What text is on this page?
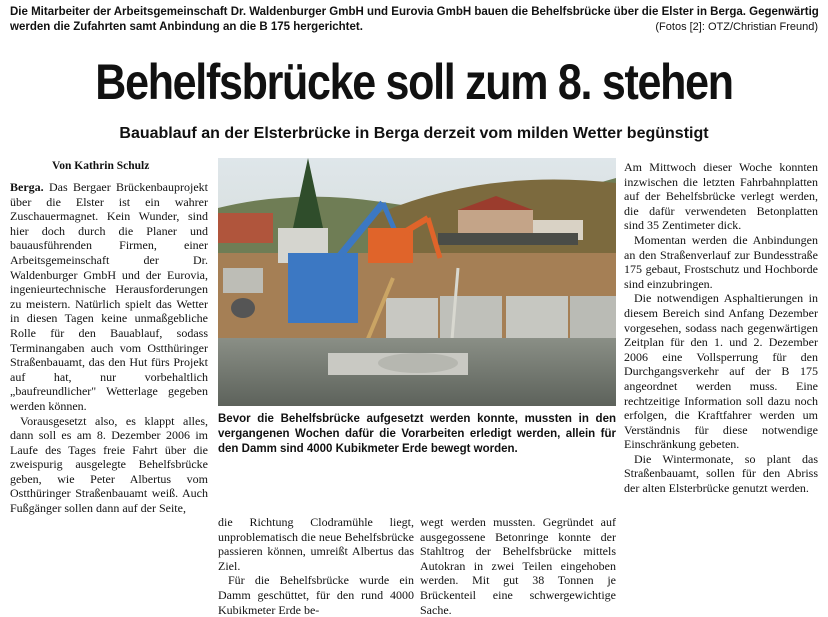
Die Mitarbeiter der Arbeitsgemeinschaft Dr. Waldenburger GmbH und Eurovia GmbH bauen die Behelfsbrücke über die Elster in Berga. Gegenwärtig werden die Zufahrten samt Anbindung an die B 175 hergerichtet.	(Fotos [2]: OTZ/Christian Freund)
Behelfsbrücke soll zum 8. stehen
Bauablauf an der Elsterbrücke in Berga derzeit vom milden Wetter begünstigt
Von Kathrin Schulz

Berga. Das Bergaer Brückenbauprojekt über die Elster ist ein wahrer Zuschauermagnet. Kein Wunder, sind hier doch durch die Planer und bauausführenden Firmen, einer Arbeitsgemeinschaft der Dr. Waldenburger GmbH und der Eurovia, ingenieurtechnische Herausforderungen zu meistern. Natürlich spielt das Wetter in diesen Tagen keine unmaßgebliche Rolle für den Bauablauf, sodass Terminangaben auch vom Ostthüringer Straßenbauamt, das den Hut fürs Projekt auf hat, nur vorbehaltlich „baufreundlicher" Wetterlage gegeben werden können.

Vorausgesetzt also, es klappt alles, dann soll es am 8. Dezember 2006 im Laufe des Tages freie Fahrt über die zweispurig ausgelegte Behelfsbrücke geben, wie Peter Albertus vom Ostthüringer Straßenbauamt weiß. Auch Fußgänger sollen dann auf der Seite,

Bevor die Behelfsbrücke aufgesetzt werden konnte, mussten in den vergangenen Wochen dafür die Vorarbeiten erledigt werden, allein für den Damm sind 4000 Kubikmeter Erde bewegt worden.

die Richtung Clodramühle liegt, unproblematisch die neue Behelfsbrücke passieren können, umreißt Albertus das Ziel.

Für die Behelfsbrücke wurde ein Damm geschüttet, für den rund 4000 Kubikmeter Erde be-

wegt werden mussten. Gegründet auf ausgegossene Betonringe konnte der Stahltrog der Behelfsbrücke mittels Autokran in zwei Teilen eingehoben werden. Mit gut 38 Tonnen je Brückenteil eine schwergewichtige Sache.

Am Mittwoch dieser Woche konnten inzwischen die letzten Fahrbahnplatten auf der Behelfsbrücke verlegt werden, die dafür verwendeten Betonplatten sind 35 Zentimeter dick.

Momentan werden die Anbindungen an den Straßenverlauf zur Bundesstraße 175 gebaut, Frostschutz und Hochborde sind einzubringen.

Die notwendigen Asphaltierungen in diesem Bereich sind Anfang Dezember vorgesehen, sodass nach gegenwärtigen Zeitplan für den 1. und 2. Dezember 2006 eine Vollsperrung für den Durchgangsverkehr auf der B 175 angeordnet werden muss. Eine rechtzeitige Information soll dazu noch erfolgen, die Kraftfahrer werden um Verständnis für diese notwendige Einschränkung gebeten.

Die Wintermonate, so plant das Straßenbauamt, sollen für den Abriss der alten Elsterbrücke genutzt werden.
